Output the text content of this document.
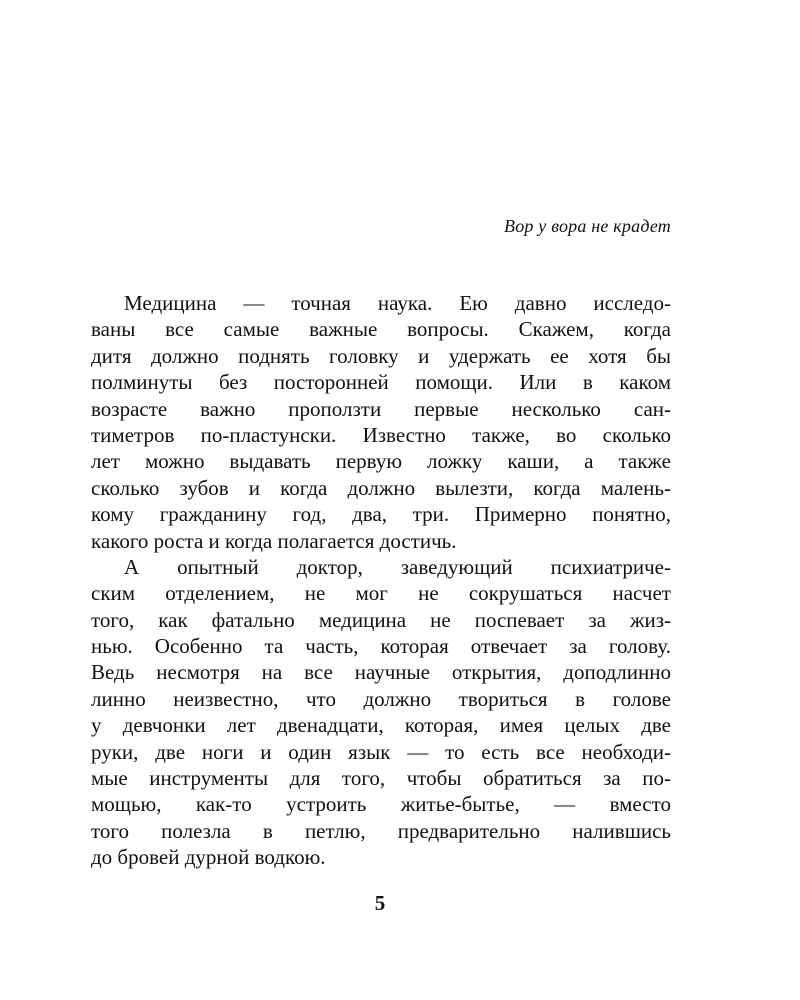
Вор у вора не крадет
Медицина — точная наука. Ею давно исследо-
ваны все самые важные вопросы. Скажем, когда
дитя должно поднять головку и удержать ее хотя бы
полминуты без посторонней помощи. Или в каком
возрасте важно проползти первые несколько сан-
тиметров по-пластунски. Известно также, во сколько
лет можно выдавать первую ложку каши, а также
сколько зубов и когда должно вылезти, когда малень-
кому гражданину год, два, три. Примерно понятно,
какого роста и когда полагается достичь.
А опытный доктор, заведующий психиатриче-
ским отделением, не мог не сокрушаться насчет
того, как фатально медицина не поспевает за жиз-
нью. Особенно та часть, которая отвечает за голову.
Ведь несмотря на все научные открытия, доподлинно
линно неизвестно, что должно твориться в голове
у девчонки лет двенадцати, которая, имея целых две
руки, две ноги и один язык — то есть все необходи-
мые инструменты для того, чтобы обратиться за по-
мощью, как-то устроить житье-бытье, — вместо
того полезла в петлю, предварительно налившись
до бровей дурной водкою.
5
